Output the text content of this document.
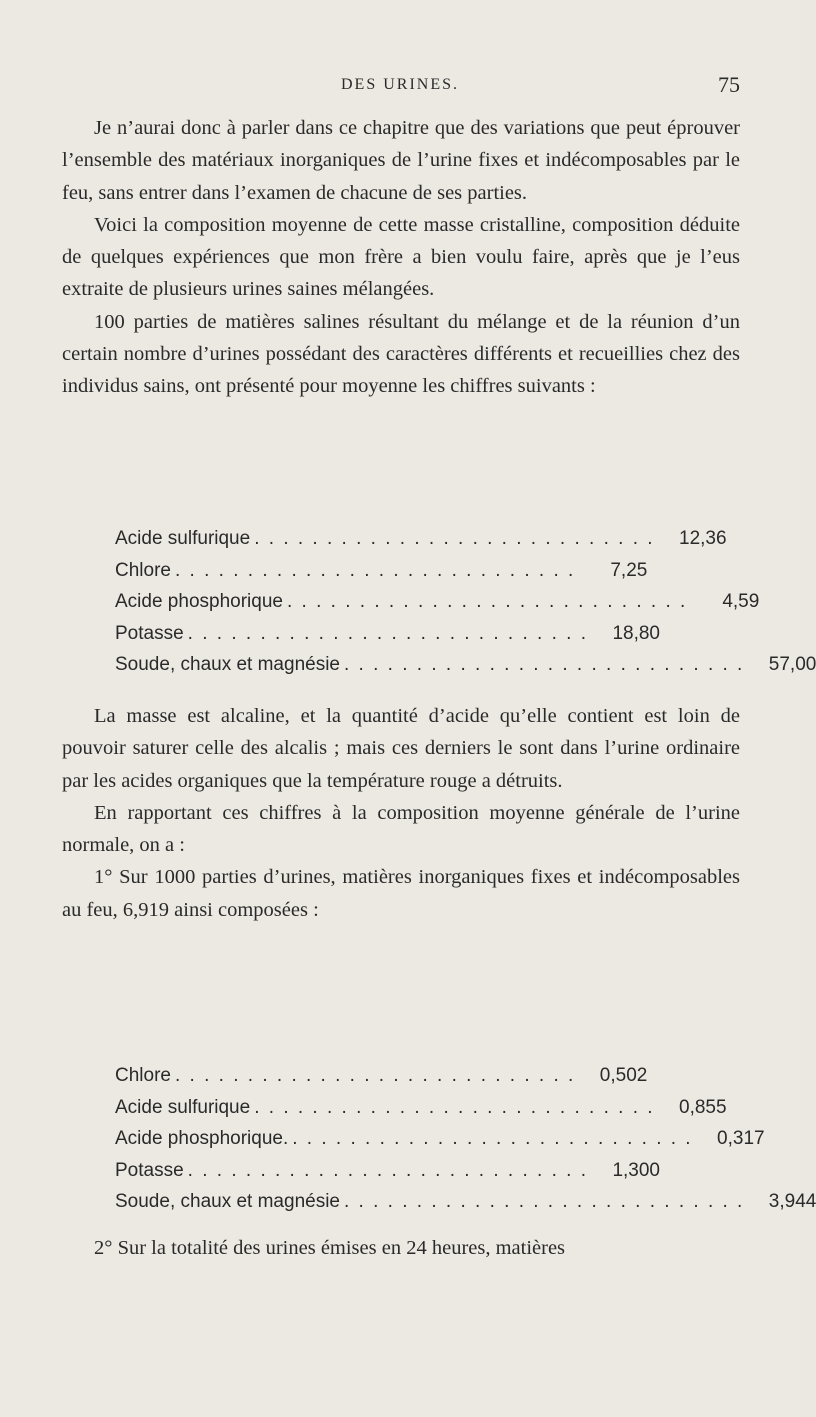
DES URINES.	75

Je n’aurai donc à parler dans ce chapitre que des variations que peut éprouver l’ensemble des matériaux inorganiques de l’urine fixes et indécomposables par le feu, sans entrer dans l’examen de chacune de ses parties.

Voici la composition moyenne de cette masse cristalline, composition déduite de quelques expériences que mon frère a bien voulu faire, après que je l’eus extraite de plusieurs urines saines mélangées.

100 parties de matières salines résultant du mélange et de la réunion d’un certain nombre d’urines possédant des caractères différents et recueillies chez des individus sains, ont présenté pour moyenne les chiffres suivants :

Acide sulfurique . . . . . . . . . . . . . . . . . . . . . . . . . . . .	12,36
Chlore . . . . . . . . . . . . . . . . . . . . . . . . . . . .	7,25
Acide phosphorique . . . . . . . . . . . . . . . . . . . . . . . . . . . .	4,59
Potasse . . . . . . . . . . . . . . . . . . . . . . . . . . . .	18,80
Soude, chaux et magnésie . . . . . . . . . . . . . . . . . . . . . . . . . . . .	57,00

La masse est alcaline, et la quantité d’acide qu’elle contient est loin de pouvoir saturer celle des alcalis ; mais ces derniers le sont dans l’urine ordinaire par les acides organiques que la température rouge a détruits.

En rapportant ces chiffres à la composition moyenne générale de l’urine normale, on a :

1° Sur 1000 parties d’urines, matières inorganiques fixes et indécomposables au feu, 6,919 ainsi composées :

Chlore . . . . . . . . . . . . . . . . . . . . . . . . . . . .	0,502
Acide sulfurique . . . . . . . . . . . . . . . . . . . . . . . . . . . .	0,855
Acide phosphorique. . . . . . . . . . . . . . . . . . . . . . . . . . . . .	0,317
Potasse . . . . . . . . . . . . . . . . . . . . . . . . . . . .	1,300
Soude, chaux et magnésie . . . . . . . . . . . . . . . . . . . . . . . . . . . .	3,944

2° Sur la totalité des urines émises en 24 heures, matières
